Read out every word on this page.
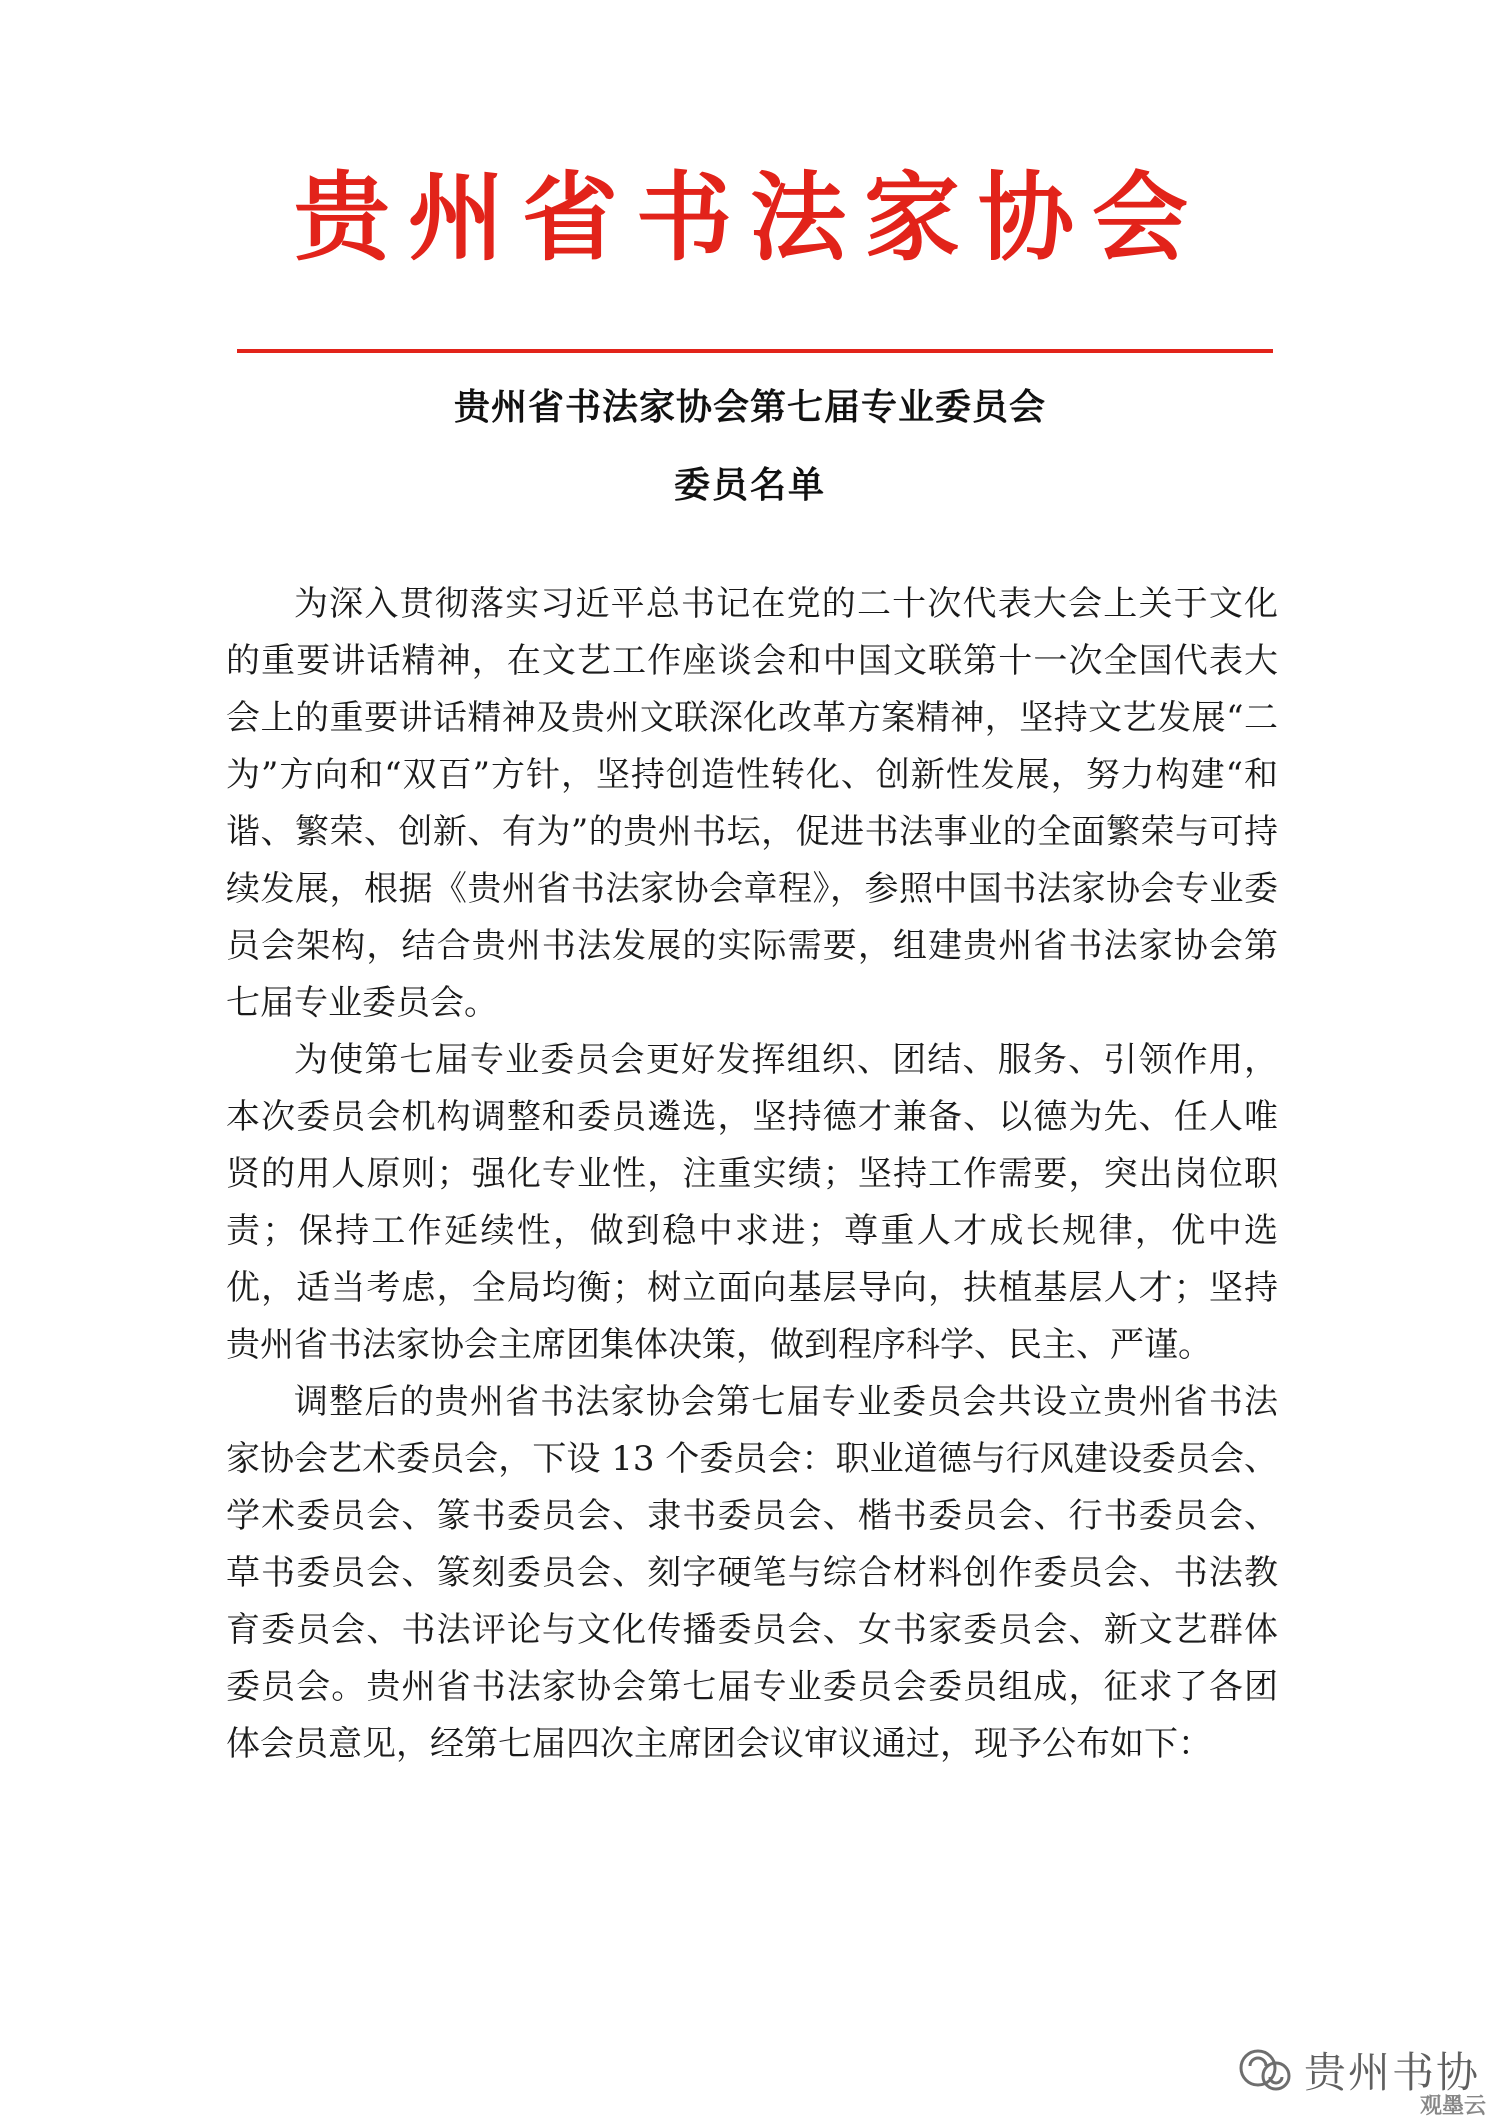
贵州省书法家协会
贵州省书法家协会第七届专业委员会
委员名单

为深入贯彻落实习近平总书记在党的二十次代表大会上关于文化的重要讲话精神，在文艺工作座谈会和中国文联第十一次全国代表大会上的重要讲话精神及贵州文联深化改革方案精神，坚持文艺发展“二为”方向和“双百”方针，坚持创造性转化、创新性发展，努力构建“和谐、繁荣、创新、有为”的贵州书坛，促进书法事业的全面繁荣与可持续发展，根据《贵州省书法家协会章程》，参照中国书法家协会专业委员会架构，结合贵州书法发展的实际需要，组建贵州省书法家协会第七届专业委员会。

为使第七届专业委员会更好发挥组织、团结、服务、引领作用，本次委员会机构调整和委员遴选，坚持德才兼备、以德为先、任人唯贤的用人原则；强化专业性，注重实绩；坚持工作需要，突出岗位职责；保持工作延续性，做到稳中求进；尊重人才成长规律，优中选优，适当考虑，全局均衡；树立面向基层导向，扶植基层人才；坚持贵州省书法家协会主席团集体决策，做到程序科学、民主、严谨。

调整后的贵州省书法家协会第七届专业委员会共设立贵州省书法家协会艺术委员会，下设 13 个委员会：职业道德与行风建设委员会、学术委员会、篆书委员会、隶书委员会、楷书委员会、行书委员会、草书委员会、篆刻委员会、刻字硬笔与综合材料创作委员会、书法教育委员会、书法评论与文化传播委员会、女书家委员会、新文艺群体委员会。贵州省书法家协会第七届专业委员会委员组成，征求了各团体会员意见，经第七届四次主席团会议审议通过，现予公布如下：

贵州书协
观墨云
